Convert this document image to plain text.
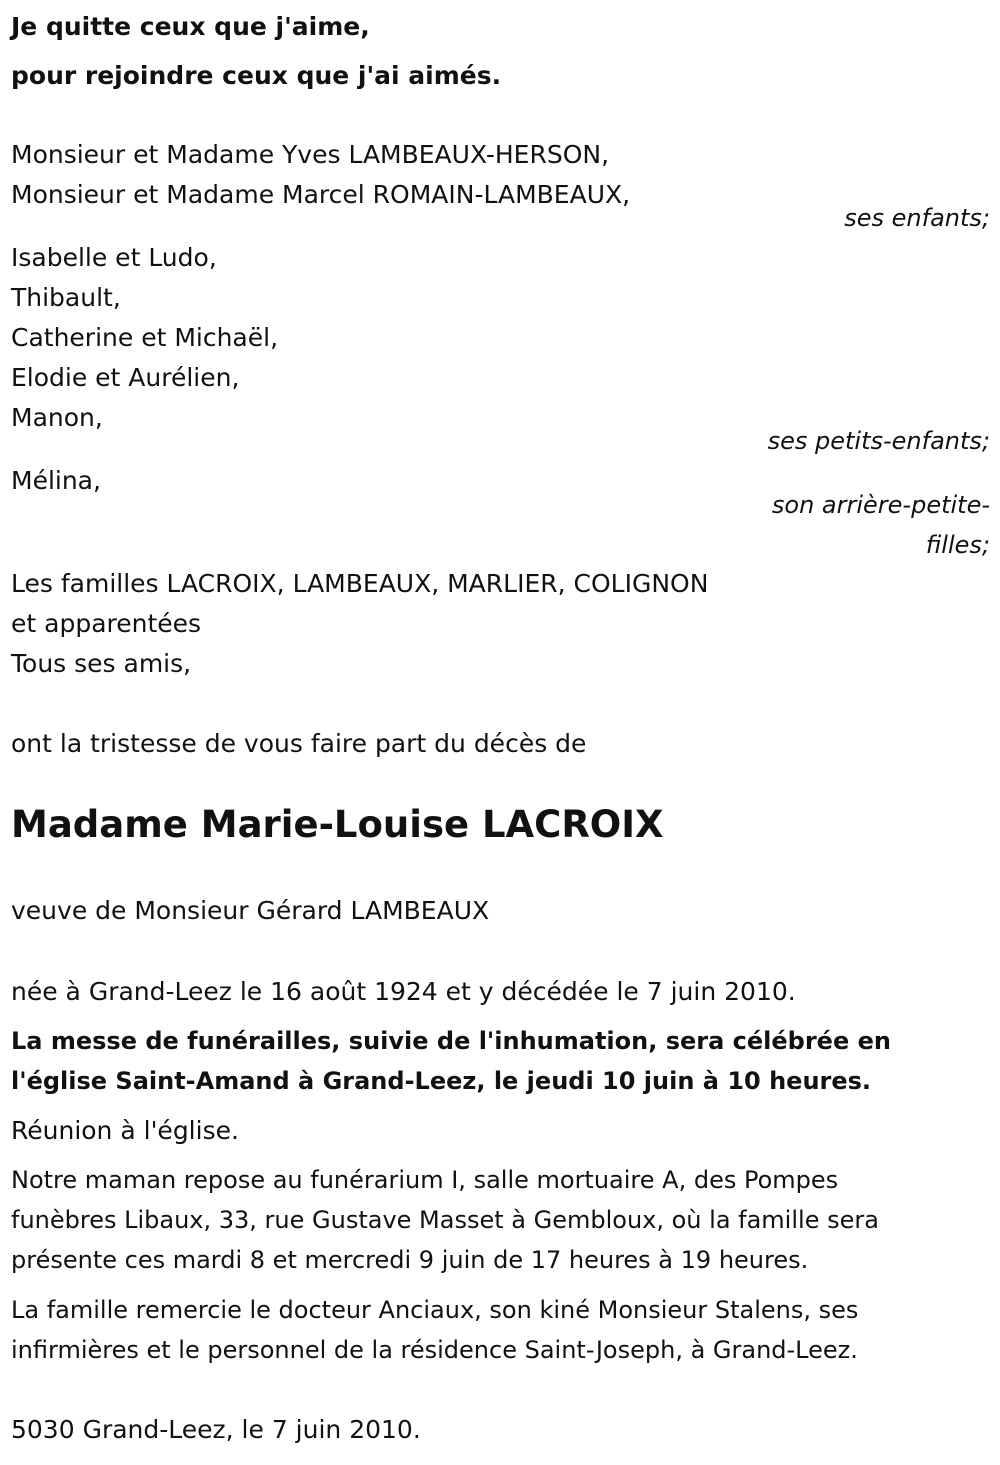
Je quitte ceux que j'aime,
pour rejoindre ceux que j'ai aimés.
Monsieur et Madame Yves LAMBEAUX-HERSON,
Monsieur et Madame Marcel ROMAIN-LAMBEAUX,
ses enfants;
Isabelle et Ludo,
Thibault,
Catherine et Michaël,
Elodie et Aurélien,
Manon,
ses petits-enfants;
Mélina,
son arrière-petite-
filles;
Les familles LACROIX, LAMBEAUX, MARLIER, COLIGNON
et apparentées
Tous ses amis,
ont la tristesse de vous faire part du décès de
Madame Marie-Louise LACROIX
veuve de Monsieur Gérard LAMBEAUX
née à Grand-Leez le 16 août 1924 et y décédée le 7 juin 2010.
La messe de funérailles, suivie de l'inhumation, sera célébrée en
l'église Saint-Amand à Grand-Leez, le jeudi 10 juin à 10 heures.
Réunion à l'église.
Notre maman repose au funérarium I, salle mortuaire A, des Pompes
funèbres Libaux, 33, rue Gustave Masset à Gembloux, où la famille sera
présente ces mardi 8 et mercredi 9 juin de 17 heures à 19 heures.
La famille remercie le docteur Anciaux, son kiné Monsieur Stalens, ses
infirmières et le personnel de la résidence Saint-Joseph, à Grand-Leez.
5030 Grand-Leez, le 7 juin 2010.
